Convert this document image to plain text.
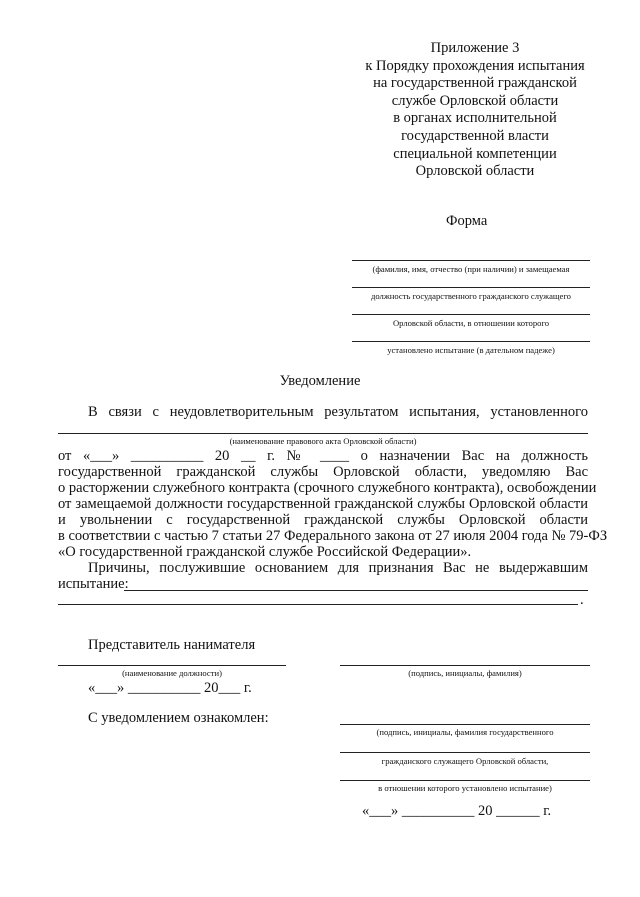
Приложение 3
к Порядку прохождения испытания
на государственной гражданской
службе Орловской области
в органах исполнительной
государственной власти
специальной компетенции
Орловской области
Форма
(фамилия, имя, отчество (при наличии) и замещаемая
должность государственного гражданского служащего
Орловской области, в отношении которого
установлено испытание (в дательном падеже)
Уведомление
В связи с неудовлетворительным результатом испытания, установленного
(наименование правового акта Орловской области)
от «___» __________ 20 __ г. № ____ о назначении Вас на должность
государственной гражданской службы Орловской области, уведомляю Вас
о расторжении служебного контракта (срочного служебного контракта), освобождении
от замещаемой должности государственной гражданской службы Орловской области
и увольнении с государственной гражданской службы Орловской области
в соответствии с частью 7 статьи 27 Федерального закона от 27 июля 2004 года № 79-ФЗ
«О государственной гражданской службе Российской Федерации».
Причины, послужившие основанием для признания Вас не выдержавшим
испытание:
.
Представитель нанимателя
(наименование должности)	(подпись, инициалы, фамилия)
«___» __________ 20___ г.
С уведомлением ознакомлен:
(подпись, инициалы, фамилия государственного
гражданского служащего Орловской области,
в отношении которого установлено испытание)
«___» __________ 20 ______ г.
